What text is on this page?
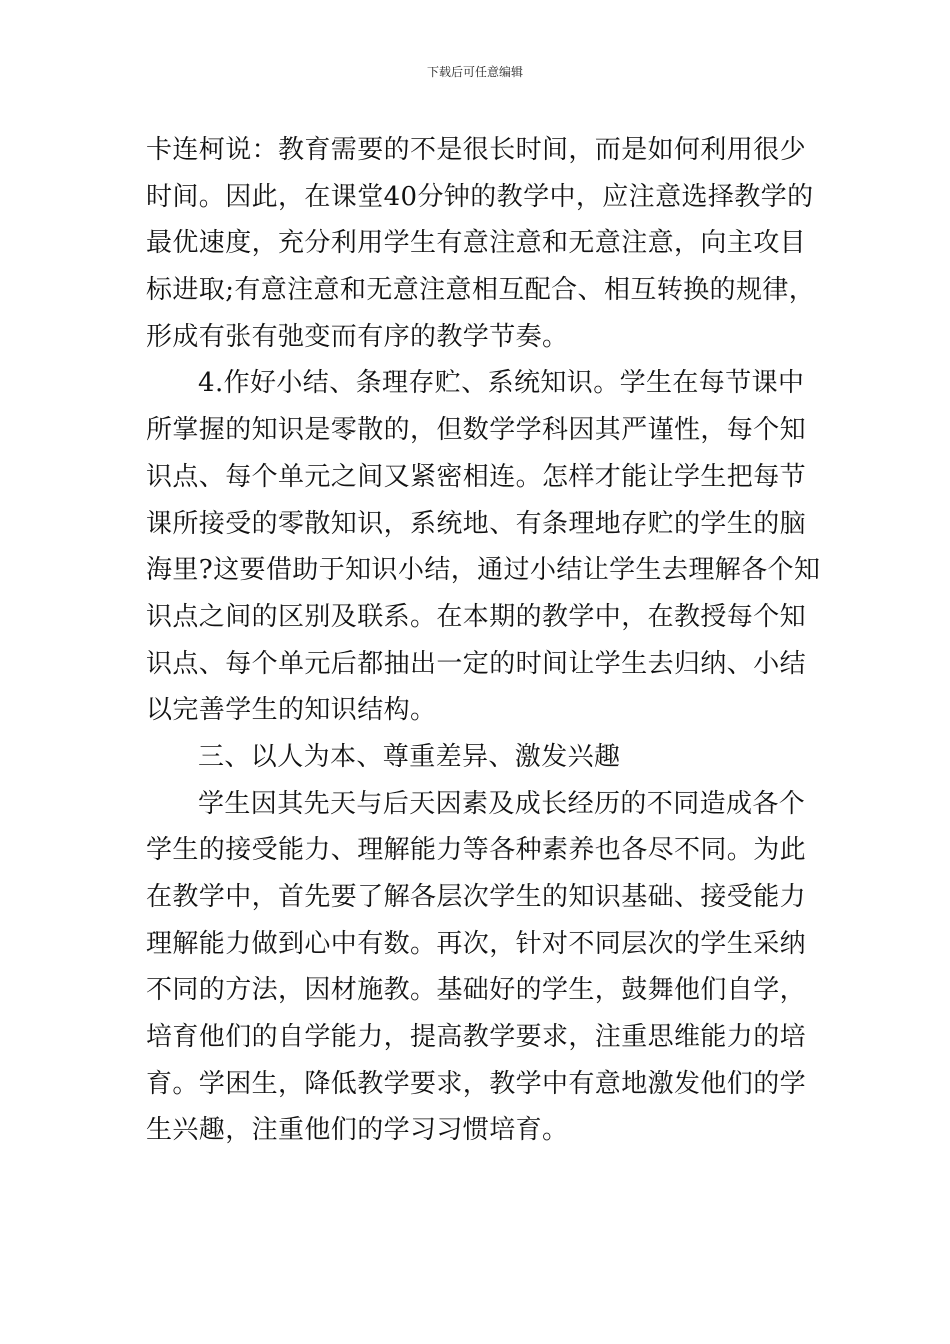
下载后可任意编辑
卡连柯说：教育需要的不是很长时间，而是如何利用很少
时间。因此，在课堂40分钟的教学中，应注意选择教学的
最优速度，充分利用学生有意注意和无意注意，向主攻目
标进取;有意注意和无意注意相互配合、相互转换的规律，
形成有张有弛变而有序的教学节奏。
4.作好小结、条理存贮、系统知识。学生在每节课中
所掌握的知识是零散的，但数学学科因其严谨性，每个知
识点、每个单元之间又紧密相连。怎样才能让学生把每节
课所接受的零散知识，系统地、有条理地存贮的学生的脑
海里?这要借助于知识小结，通过小结让学生去理解各个知
识点之间的区别及联系。在本期的教学中，在教授每个知
识点、每个单元后都抽出一定的时间让学生去归纳、小结
以完善学生的知识结构。
三、以人为本、尊重差异、激发兴趣
学生因其先天与后天因素及成长经历的不同造成各个
学生的接受能力、理解能力等各种素养也各尽不同。为此
在教学中，首先要了解各层次学生的知识基础、接受能力
理解能力做到心中有数。再次，针对不同层次的学生采纳
不同的方法，因材施教。基础好的学生，鼓舞他们自学，
培育他们的自学能力，提高教学要求，注重思维能力的培
育。学困生，降低教学要求，教学中有意地激发他们的学
生兴趣，注重他们的学习习惯培育。
